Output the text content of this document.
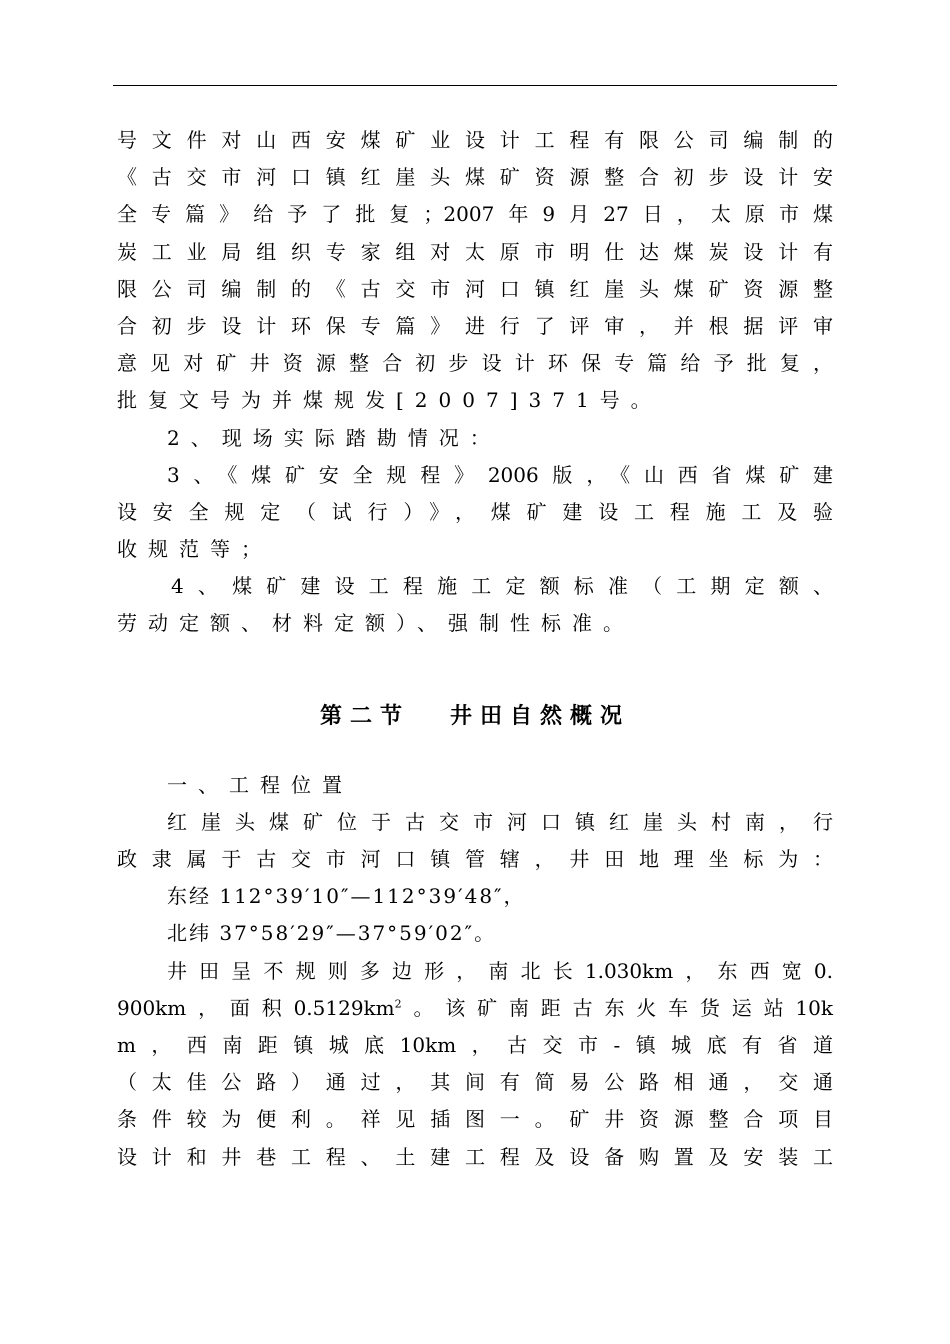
号文件对山西安煤矿业设计工程有限公司编制的
《古交市河口镇红崖头煤矿资源整合初步设计安
全专篇》给予了批复；2007年9月27日，太原市煤
炭工业局组织专家组对太原市明仕达煤炭设计有
限公司编制的《古交市河口镇红崖头煤矿资源整
合初步设计环保专篇》进行了评审，并根据评审
意见对矿井资源整合初步设计环保专篇给予批复，
批复文号为并煤规发[2007]371号。
2、现场实际踏勘情况：
3、《煤矿安全规程》2006版，《山西省煤矿建
设安全规定（试行）》，煤矿建设工程施工及验
收规范等；
4、煤矿建设工程施工定额标准（工期定额、
劳动定额、材料定额）、强制性标准。
第二节 井田自然概况
一、工程位置
红崖头煤矿位于古交市河口镇红崖头村南，行
政隶属于古交市河口镇管辖，井田地理坐标为：
东经 112°39′10″—112°39′48″，
北纬 37°58′29″—37°59′02″。
井田呈不规则多边形，南北长1.030km，东西宽0.
900km，面积$0.5129km^2$。该矿南距古东火车货运站10k
m，西南距镇城底10km，古交市-镇城底有省道
（太佳公路）通过，其间有简易公路相通，交通
条件较为便利。祥见插图一。矿井资源整合项目
设计和井巷工程、土建工程及设备购置及安装工
